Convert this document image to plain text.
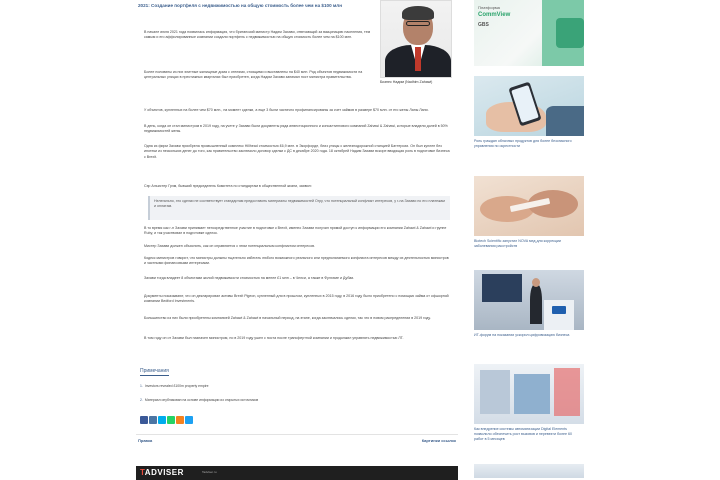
2021: Создание портфеля с недвижимостью на общую стоимость более чем на $100 млн
Бизнес Надим (Nadhim Zahawi)
В начале июля 2021 года появилась информация, что британский министр Надим Захави, отвечающий за вакцинацию населения, тем самым и его аффилированные компании создали портфель с недвижимостью на общую стоимость более чем на $100 млн.
Более половины из них элитные жилищные дома с отелями, стоящими и выставлены на $40 млн. Ряд объектов недвижимости на центральных улицах в престижных кварталах был приобретен, когда Надим Захави занимал пост министра правительства.
У объектов, купленных на более чем $70 млн., на момент сделки, а еще 3 были частично профинансированы за счет займов в размере $70 млн. от его жены Ланы Лани.
В день, когда он стал министром в 2019 году, на учете у Захави были документы ряда инвестиционного и консалтингового компаний Zahawi & Zahawi, которые владели долей в 50% недвижимостей жены.
Одна из фирм Захави приобрела промышленный комплекс Hillhead стоимостью £6,9 млн. в Экорфорде, близ улицы с железнодорожной станцией Баттерсии. Он был куплен без ипотеки из нескольких денег до того, как правительство заключило договор сделки с ДС в декабре 2020 года. 18 октябрей Надим Захави вскоре вводящая роль в подготовке бизнеса с Brexit.
Сэр Альистер Грэм, бывший председатель Комитета по стандартам в общественной жизни, заявил:
Нелегально, это сделки не соответствует стандартам предоставить материалы недвижимостей Огру, что потенциальный конфликт интересов, у г-на Захави по его платежам и оплатам.
В то время как г-н Захави принимает непосредственное участие в подготовке к Brexit, именно Захави получил прямой доступ к информации его компании Zahawi & Zahawi и группе Ruby, и так участвовал в подготовке сделок.
Мистер Захави должен объяснить, как он справляется с этим потенциальным конфликтом интересов.
Кодекс министров говорит, что министры должны тщательно избегать любого возможного реального или предполагаемого конфликта интересов между их деятельностью министров и частными финансовыми интересами.
Захави тогда владеет 8 объектами жилой недвижимости стоимостью на менее £1 млн – в Челси, а также в Фулхэме и Дубаи.
Документы показывают, что он декларировал активы Brexit Pigeon, купленный для в прошлом, купленных в 2015 году, в 2016 году было приобретено с помощью займа от офшорной компании Bedford Investments.
Большинство из них были приобретены компанией Zahawi & Zahawi в начальный период, на этапе, когда заключались сделки, так что в новом распределении в 2019 году.
В том году он от Захави был назначен министром, но в 2019 году ушел с поста после трансфертной компании и продолжил управлять недвижимостью ЛТ.
Примечания
1. Investors revealed £100m property empire
2. Материал опубликован на основе информации из открытых источников
Правка	Картинки ссылок
TADVISER	Tadviser.ru
Платформа
CommView
GBS
Роль граждан облачных продуктов для более безопасного управления по окрестности
Biotech Scientific запустил NOVA мед для коррекции заболевания расстройств
ИТ-форум на показании ускорил цифровизацию бизнеса
Как внедрение системы автоматизации Digital Elements позволило обеспечить рост вызовов и перевезти более 60 работ в 5 месяцев
